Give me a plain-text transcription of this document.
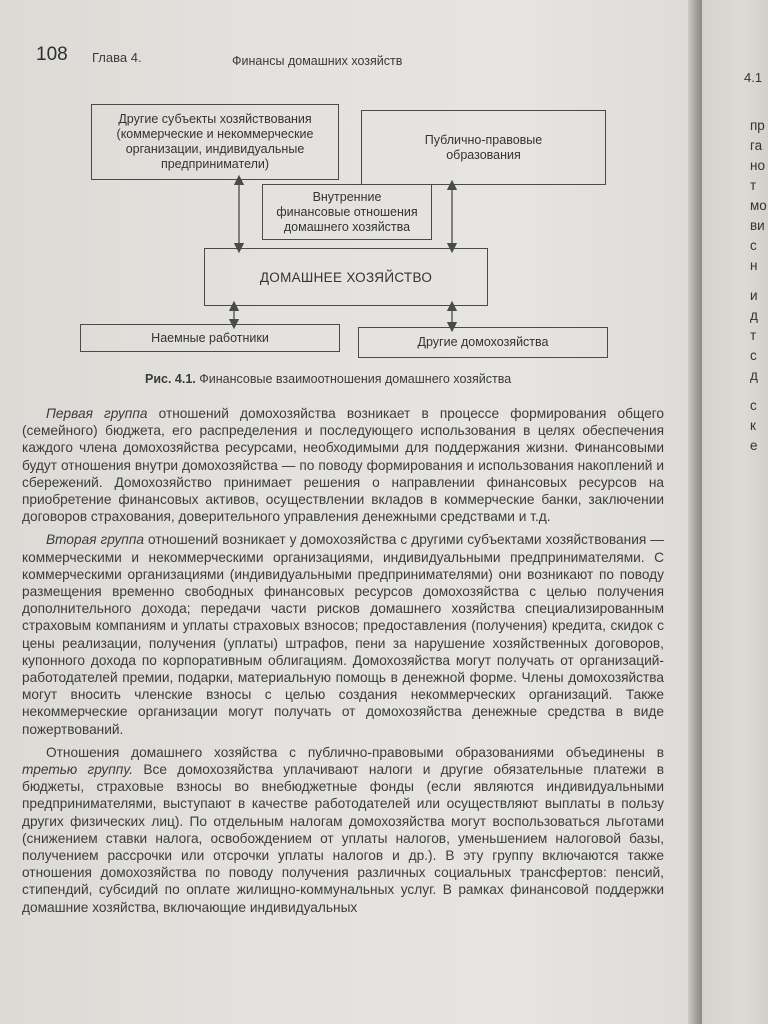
108 Глава 4.	Финансы домашних хозяйств
Другие субъекты хозяйствования
(коммерческие и некоммерческие
организации, индивидуальные
предприниматели)
Публично-правовые
образования
Внутренние
финансовые отношения
домашнего хозяйства
ДОМАШНЕЕ ХОЗЯЙСТВО
Наемные работники	Другие домохозяйства
Рис. 4.1. Финансовые взаимоотношения домашнего хозяйства

Первая группа отношений домохозяйства возникает в процессе формирования общего (семейного) бюджета, его распределения и последующего использования в целях обеспечения каждого члена домохозяйства ресурсами, необходимыми для поддержания жизни. Финансовыми будут отношения внутри домохозяйства — по поводу формирования и использования накоплений и сбережений. Домохозяйство принимает решения о направлении финансовых ресурсов на приобретение финансовых активов, осуществлении вкладов в коммерческие банки, заключении договоров страхования, доверительного управления денежными средствами и т.д.

Вторая группа отношений возникает у домохозяйства с другими субъектами хозяйствования — коммерческими и некоммерческими организациями, индивидуальными предпринимателями. С коммерческими организациями (индивидуальными предпринимателями) они возникают по поводу размещения временно свободных финансовых ресурсов домохозяйства с целью получения дополнительного дохода; передачи части рисков домашнего хозяйства специализированным страховым компаниям и уплаты страховых взносов; предоставления (получения) кредита, скидок с цены реализации, получения (уплаты) штрафов, пени за нарушение хозяйственных договоров, купонного дохода по корпоративным облигациям. Домохозяйства могут получать от организаций-работодателей премии, подарки, материальную помощь в денежной форме. Члены домохозяйства могут вносить членские взносы с целью создания некоммерческих организаций. Также некоммерческие организации могут получать от домохозяйства денежные средства в виде пожертвований.

Отношения домашнего хозяйства с публично-правовыми образованиями объединены в третью группу. Все домохозяйства уплачивают налоги и другие обязательные платежи в бюджеты, страховые взносы во внебюджетные фонды (если являются индивидуальными предпринимателями, выступают в качестве работодателей или осуществляют выплаты в пользу других физических лиц). По отдельным налогам домохозяйства могут воспользоваться льготами (снижением ставки налога, освобождением от уплаты налогов, уменьшением налоговой базы, получением рассрочки или отсрочки уплаты налогов и др.). В эту группу включаются также отношения домохозяйства по поводу получения различных социальных трансфертов: пенсий, стипендий, субсидий по оплате жилищно-коммунальных услуг. В рамках финансовой поддержки домашние хозяйства, включающие индивидуальных

4.1
пр
га
но
т
мо
ви
с
н
и
д
т
с
д
с
к
е
